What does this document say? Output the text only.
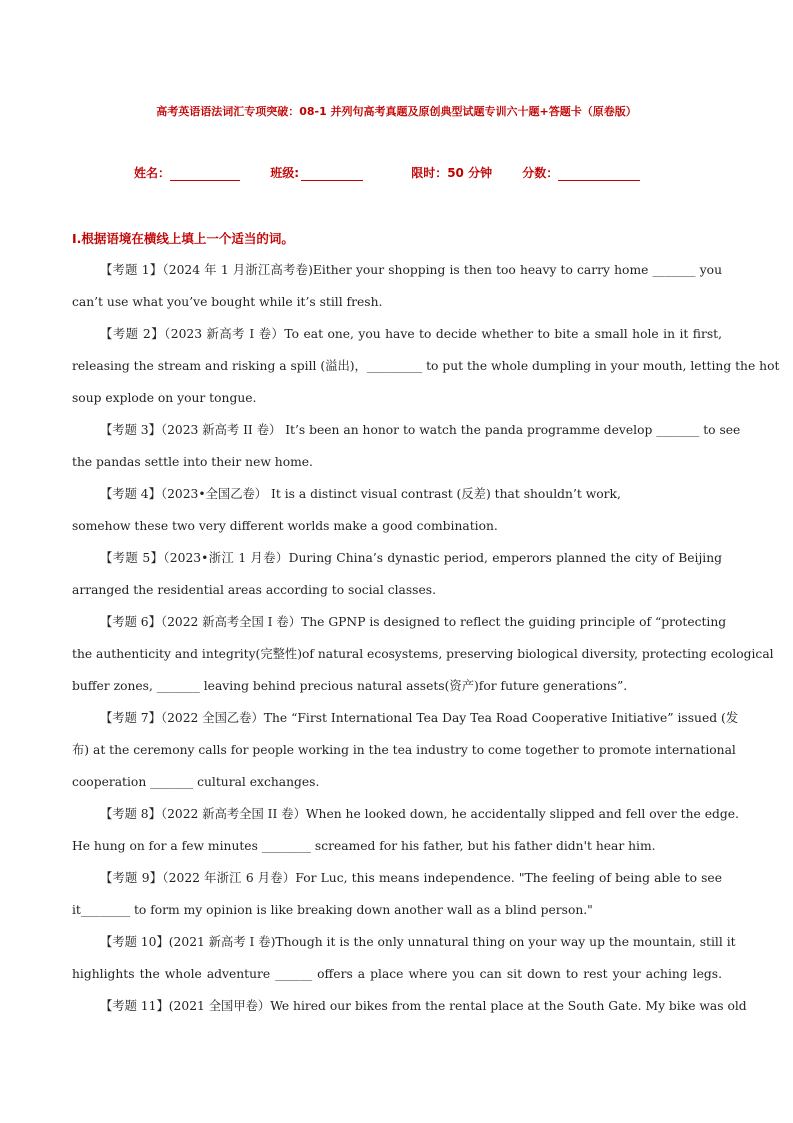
高考英语语法词汇专项突破：08-1 并列句高考真题及原创典型试题专训六十题+答题卡（原卷版）
姓名：	班级:	限时：50 分钟	分数：
I.根据语境在横线上填上一个适当的词。
【考题 1】（2024 年 1 月浙江高考卷)Either your shopping is then too heavy to carry home _______ you
can’t use what you’ve bought while it’s still fresh.
【考题 2】（2023 新高考 I 卷）To eat one, you have to decide whether to bite a small hole in it first,
releasing the stream and risking a spill (溢出)，_________ to put the whole dumpling in your mouth, letting the hot
soup explode on your tongue.
【考题 3】（2023 新高考 II 卷） It’s been an honor to watch the panda programme develop _______ to see
the pandas settle into their new home.
【考题 4】（2023•全国乙卷） It is a distinct visual contrast (反差) that shouldn’t work,
somehow these two very different worlds make a good combination.
【考题 5】（2023•浙江 1 月卷）During China’s dynastic period, emperors planned the city of Beijing
arranged the residential areas according to social classes.
【考题 6】（2022 新高考全国 I 卷）The GPNP is designed to reflect the guiding principle of “protecting
the authenticity and integrity(完整性)of natural ecosystems, preserving biological diversity, protecting ecological
buffer zones, _______ leaving behind precious natural assets(资产)for future generations”.
【考题 7】（2022 全国乙卷）The “First International Tea Day Tea Road Cooperative Initiative” issued (发
布) at the ceremony calls for people working in the tea industry to come together to promote international
cooperation _______ cultural exchanges.
【考题 8】（2022 新高考全国 II 卷）When he looked down, he accidentally slipped and fell over the edge.
He hung on for a few minutes ________ screamed for his father, but his father didn't hear him.
【考题 9】（2022 年浙江 6 月卷）For Luc, this means independence. "The feeling of being able to see
it________ to form my opinion is like breaking down another wall as a blind person."
【考题 10】(2021 新高考 I 卷)Though it is the only unnatural thing on your way up the mountain, still it
highlights the whole adventure ______ offers a place where you can sit down to rest your aching legs.
【考题 11】(2021 全国甲卷）We hired our bikes from the rental place at the South Gate. My bike was old
